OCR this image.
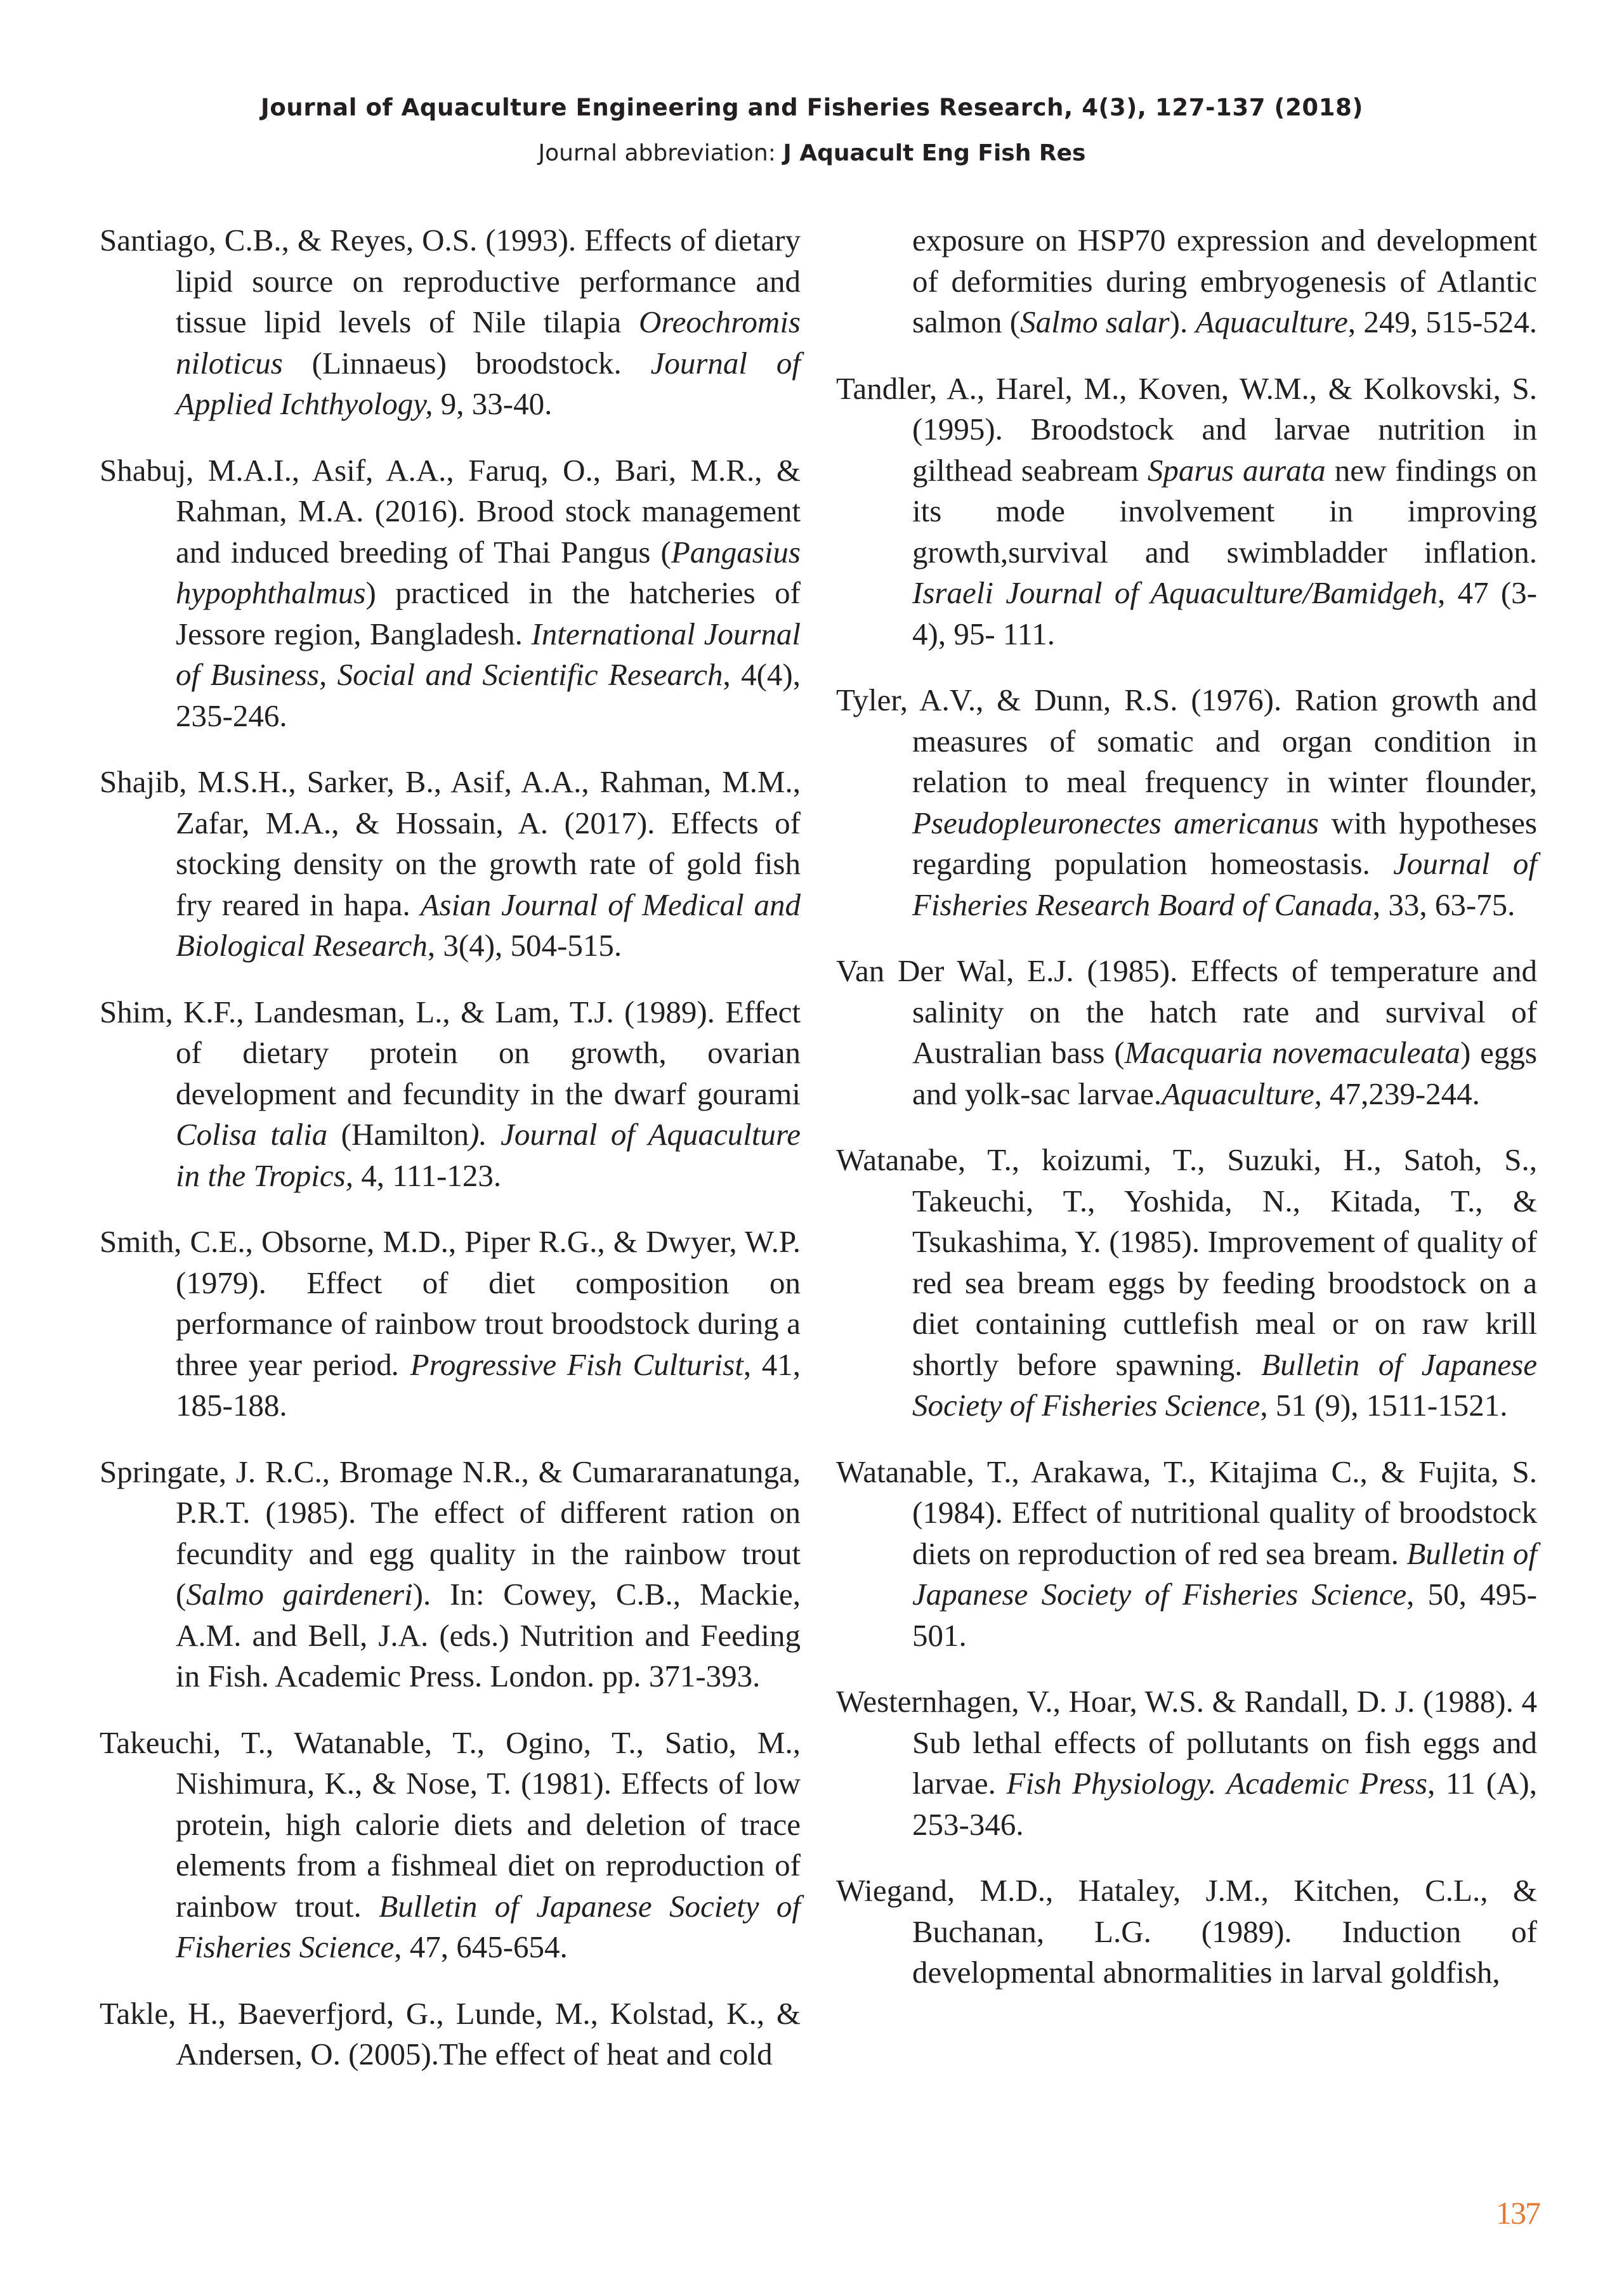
Journal of Aquaculture Engineering and Fisheries Research, 4(3), 127-137 (2018)
Journal abbreviation: J Aquacult Eng Fish Res

Santiago, C.B., & Reyes, O.S. (1993). Effects of dietary lipid source on reproductive performance and tissue lipid levels of Nile tilapia Oreochromis niloticus (Linnaeus) broodstock. Journal of Applied Ichthyology, 9, 33-40.

Shabuj, M.A.I., Asif, A.A., Faruq, O., Bari, M.R., & Rahman, M.A. (2016). Brood stock management and induced breeding of Thai Pangus (Pangasius hypophthalmus) practiced in the hatcheries of Jessore region, Bangladesh. International Journal of Business, Social and Scientific Research, 4(4), 235-246.

Shajib, M.S.H., Sarker, B., Asif, A.A., Rahman, M.M., Zafar, M.A., & Hossain, A. (2017). Effects of stocking density on the growth rate of gold fish fry reared in hapa. Asian Journal of Medical and Biological Research, 3(4), 504-515.

Shim, K.F., Landesman, L., & Lam, T.J. (1989). Effect of dietary protein on growth, ovarian development and fecundity in the dwarf gourami Colisa talia (Hamilton). Journal of Aquaculture in the Tropics, 4, 111-123.

Smith, C.E., Obsorne, M.D., Piper R.G., & Dwyer, W.P. (1979). Effect of diet composition on performance of rainbow trout broodstock during a three year period. Progressive Fish Culturist, 41, 185-188.

Springate, J. R.C., Bromage N.R., & Cumararanatunga, P.R.T. (1985). The effect of different ration on fecundity and egg quality in the rainbow trout (Salmo gairdeneri). In: Cowey, C.B., Mackie, A.M. and Bell, J.A. (eds.) Nutrition and Feeding in Fish. Academic Press. London. pp. 371-393.

Takeuchi, T., Watanable, T., Ogino, T., Satio, M., Nishimura, K., & Nose, T. (1981). Effects of low protein, high calorie diets and deletion of trace elements from a fishmeal diet on reproduction of rainbow trout. Bulletin of Japanese Society of Fisheries Science, 47, 645-654.

Takle, H., Baeverfjord, G., Lunde, M., Kolstad, K., & Andersen, O. (2005).The effect of heat and cold

exposure on HSP70 expression and development of deformities during embryogenesis of Atlantic salmon (Salmo salar). Aquaculture, 249, 515-524.

Tandler, A., Harel, M., Koven, W.M., & Kolkovski, S. (1995). Broodstock and larvae nutrition in gilthead seabream Sparus aurata new findings on its mode involvement in improving growth,survival and swimbladder inflation. Israeli Journal of Aquaculture/Bamidgeh, 47 (3-4), 95- 111.

Tyler, A.V., & Dunn, R.S. (1976). Ration growth and measures of somatic and organ condition in relation to meal frequency in winter flounder, Pseudopleuronectes americanus with hypotheses regarding population homeostasis. Journal of Fisheries Research Board of Canada, 33, 63-75.

Van Der Wal, E.J. (1985). Effects of temperature and salinity on the hatch rate and survival of Australian bass (Macquaria novemaculeata) eggs and yolk-sac larvae.Aquaculture, 47,239-244.

Watanabe, T., koizumi, T., Suzuki, H., Satoh, S., Takeuchi, T., Yoshida, N., Kitada, T., & Tsukashima, Y. (1985). Improvement of quality of red sea bream eggs by feeding broodstock on a diet containing cuttlefish meal or on raw krill shortly before spawning. Bulletin of Japanese Society of Fisheries Science, 51 (9), 1511-1521.

Watanable, T., Arakawa, T., Kitajima C., & Fujita, S. (1984). Effect of nutritional quality of broodstock diets on reproduction of red sea bream. Bulletin of Japanese Society of Fisheries Science, 50, 495-501.

Westernhagen, V., Hoar, W.S. & Randall, D. J. (1988). 4 Sub lethal effects of pollutants on fish eggs and larvae. Fish Physiology. Academic Press, 11 (A), 253-346.

Wiegand, M.D., Hataley, J.M., Kitchen, C.L., & Buchanan, L.G. (1989). Induction of developmental abnormalities in larval goldfish,

137
